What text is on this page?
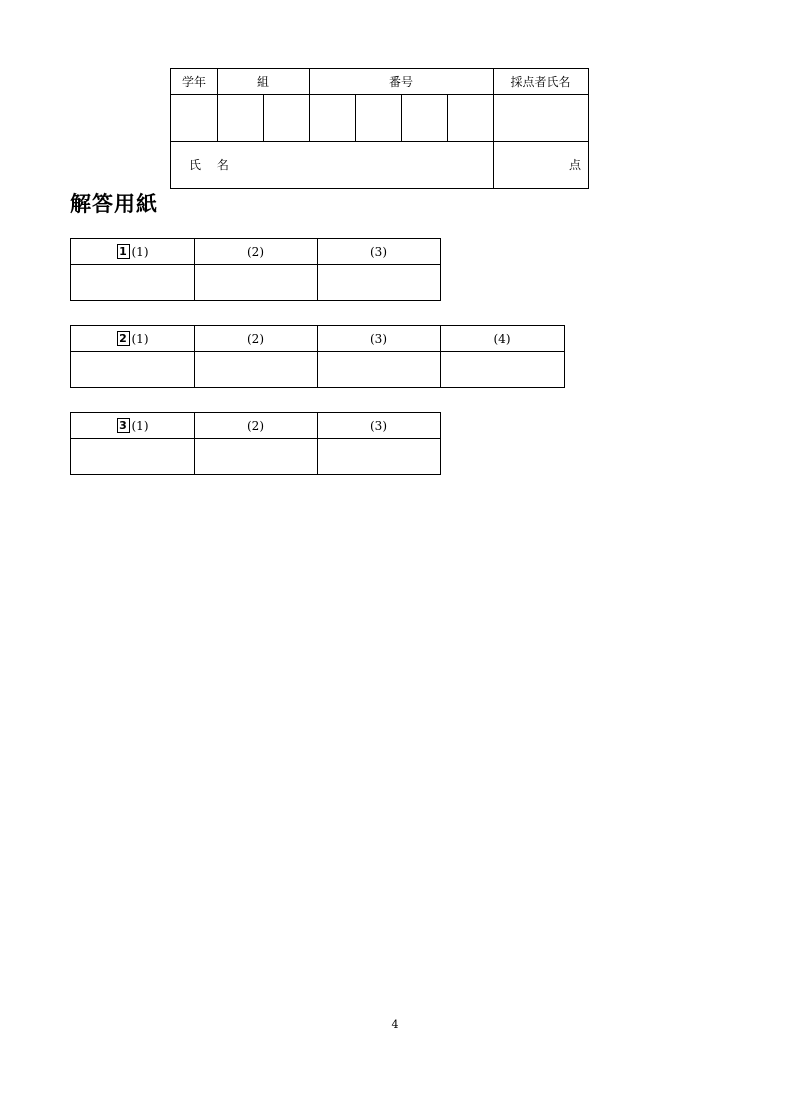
学年	組	番号	採点者氏名
氏 名	点
解答用紙
1 (1)	(2)	(3)
2 (1)	(2)	(3)	(4)
3 (1)	(2)	(3)
4
